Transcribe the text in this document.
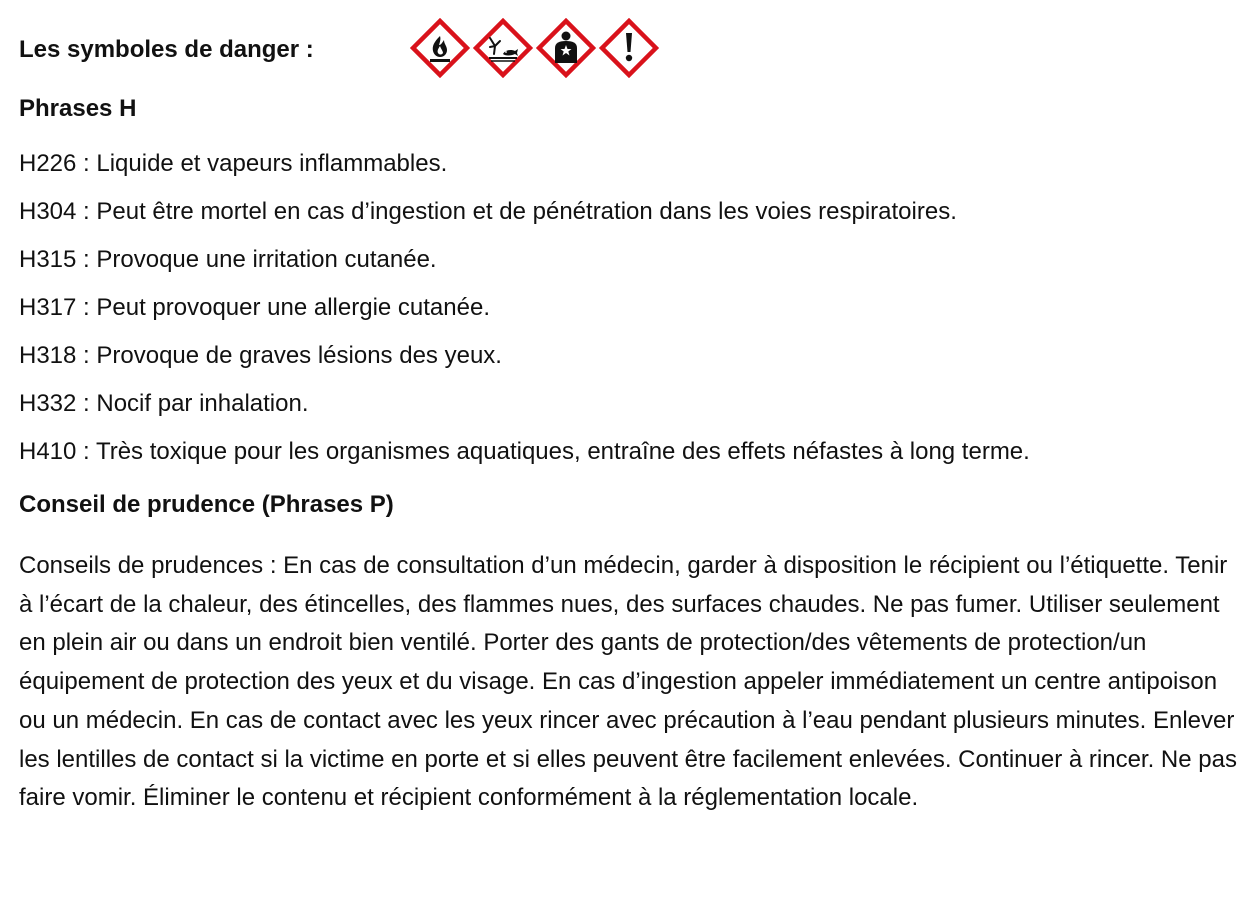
Les symboles de danger :
Phrases H
H226 : Liquide et vapeurs inflammables.
H304 : Peut être mortel en cas d’ingestion et de pénétration dans les voies respiratoires.
H315 : Provoque une irritation cutanée.
H317 : Peut provoquer une allergie cutanée.
H318 : Provoque de graves lésions des yeux.
H332 : Nocif par inhalation.
H410 : Très toxique pour les organismes aquatiques, entraîne des effets néfastes à long terme.
Conseil de prudence (Phrases P)

Conseils de prudences : En cas de consultation d’un médecin, garder à disposition le récipient ou l’étiquette. Tenir à l’écart de la chaleur, des étincelles, des flammes nues, des surfaces chaudes. Ne pas fumer. Utiliser seulement en plein air ou dans un endroit bien ventilé. Porter des gants de protection/des vêtements de protection/un équipement de protection des yeux et du visage. En cas d’ingestion appeler immédiatement un centre antipoison ou un médecin. En cas de contact avec les yeux rincer avec précaution à l’eau pendant plusieurs minutes. Enlever les lentilles de contact si la victime en porte et si elles peuvent être facilement enlevées. Continuer à rincer. Ne pas faire vomir. Éliminer le contenu et récipient conformément à la réglementation locale.
